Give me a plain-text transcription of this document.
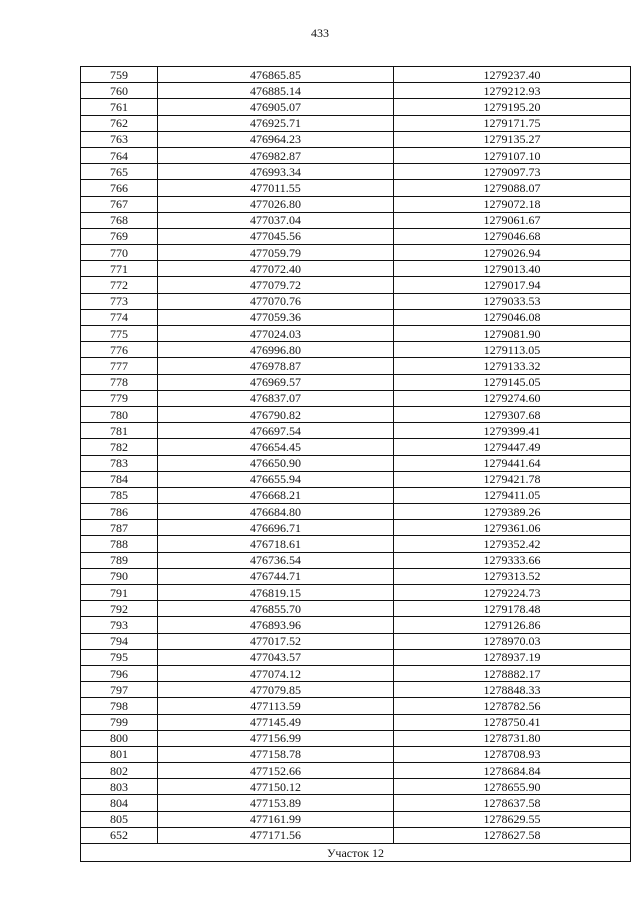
433
759	476865.85	1279237.40
760	476885.14	1279212.93
761	476905.07	1279195.20
762	476925.71	1279171.75
763	476964.23	1279135.27
764	476982.87	1279107.10
765	476993.34	1279097.73
766	477011.55	1279088.07
767	477026.80	1279072.18
768	477037.04	1279061.67
769	477045.56	1279046.68
770	477059.79	1279026.94
771	477072.40	1279013.40
772	477079.72	1279017.94
773	477070.76	1279033.53
774	477059.36	1279046.08
775	477024.03	1279081.90
776	476996.80	1279113.05
777	476978.87	1279133.32
778	476969.57	1279145.05
779	476837.07	1279274.60
780	476790.82	1279307.68
781	476697.54	1279399.41
782	476654.45	1279447.49
783	476650.90	1279441.64
784	476655.94	1279421.78
785	476668.21	1279411.05
786	476684.80	1279389.26
787	476696.71	1279361.06
788	476718.61	1279352.42
789	476736.54	1279333.66
790	476744.71	1279313.52
791	476819.15	1279224.73
792	476855.70	1279178.48
793	476893.96	1279126.86
794	477017.52	1278970.03
795	477043.57	1278937.19
796	477074.12	1278882.17
797	477079.85	1278848.33
798	477113.59	1278782.56
799	477145.49	1278750.41
800	477156.99	1278731.80
801	477158.78	1278708.93
802	477152.66	1278684.84
803	477150.12	1278655.90
804	477153.89	1278637.58
805	477161.99	1278629.55
652	477171.56	1278627.58
Участок 12		
